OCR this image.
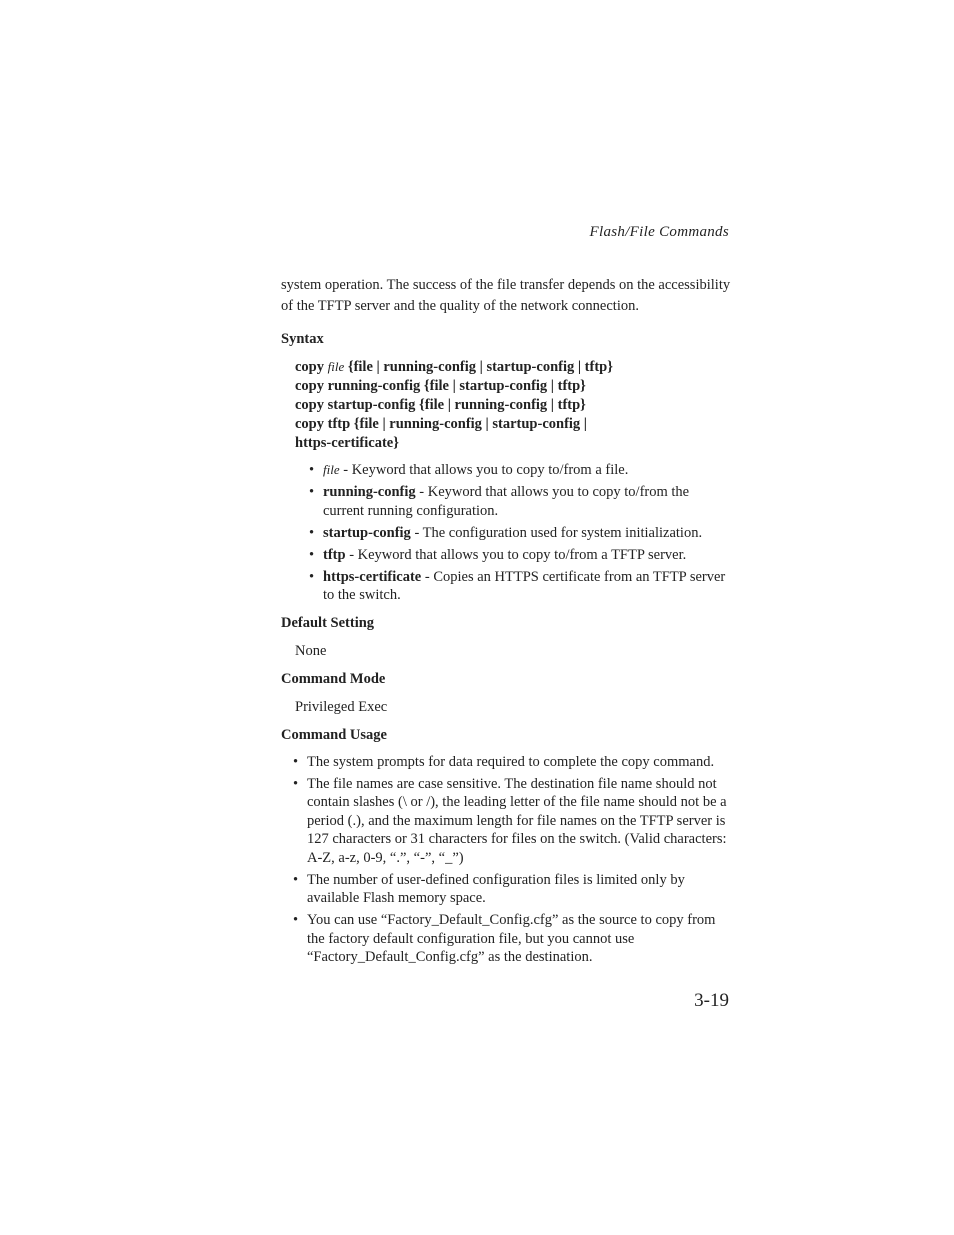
Flash/File Commands

system operation. The success of the file transfer depends on the accessibility of the TFTP server and the quality of the network connection.

Syntax
copy file {file | running-config | startup-config | tftp}
copy running-config {file | startup-config | tftp}
copy startup-config {file | running-config | tftp}
copy tftp {file | running-config | startup-config |
https-certificate}
• file - Keyword that allows you to copy to/from a file.
• running-config - Keyword that allows you to copy to/from the current running configuration.
• startup-config - The configuration used for system initialization.
• tftp - Keyword that allows you to copy to/from a TFTP server.
• https-certificate - Copies an HTTPS certificate from an TFTP server to the switch.
Default Setting

None

Command Mode

Privileged Exec

Command Usage
• The system prompts for data required to complete the copy command.
• The file names are case sensitive. The destination file name should not contain slashes (\ or /), the leading letter of the file name should not be a period (.), and the maximum length for file names on the TFTP server is 127 characters or 31 characters for files on the switch. (Valid characters: A-Z, a-z, 0-9, “.”, “-”, “_”)
• The number of user-defined configuration files is limited only by available Flash memory space.
• You can use “Factory_Default_Config.cfg” as the source to copy from the factory default configuration file, but you cannot use “Factory_Default_Config.cfg” as the destination.
3-19
